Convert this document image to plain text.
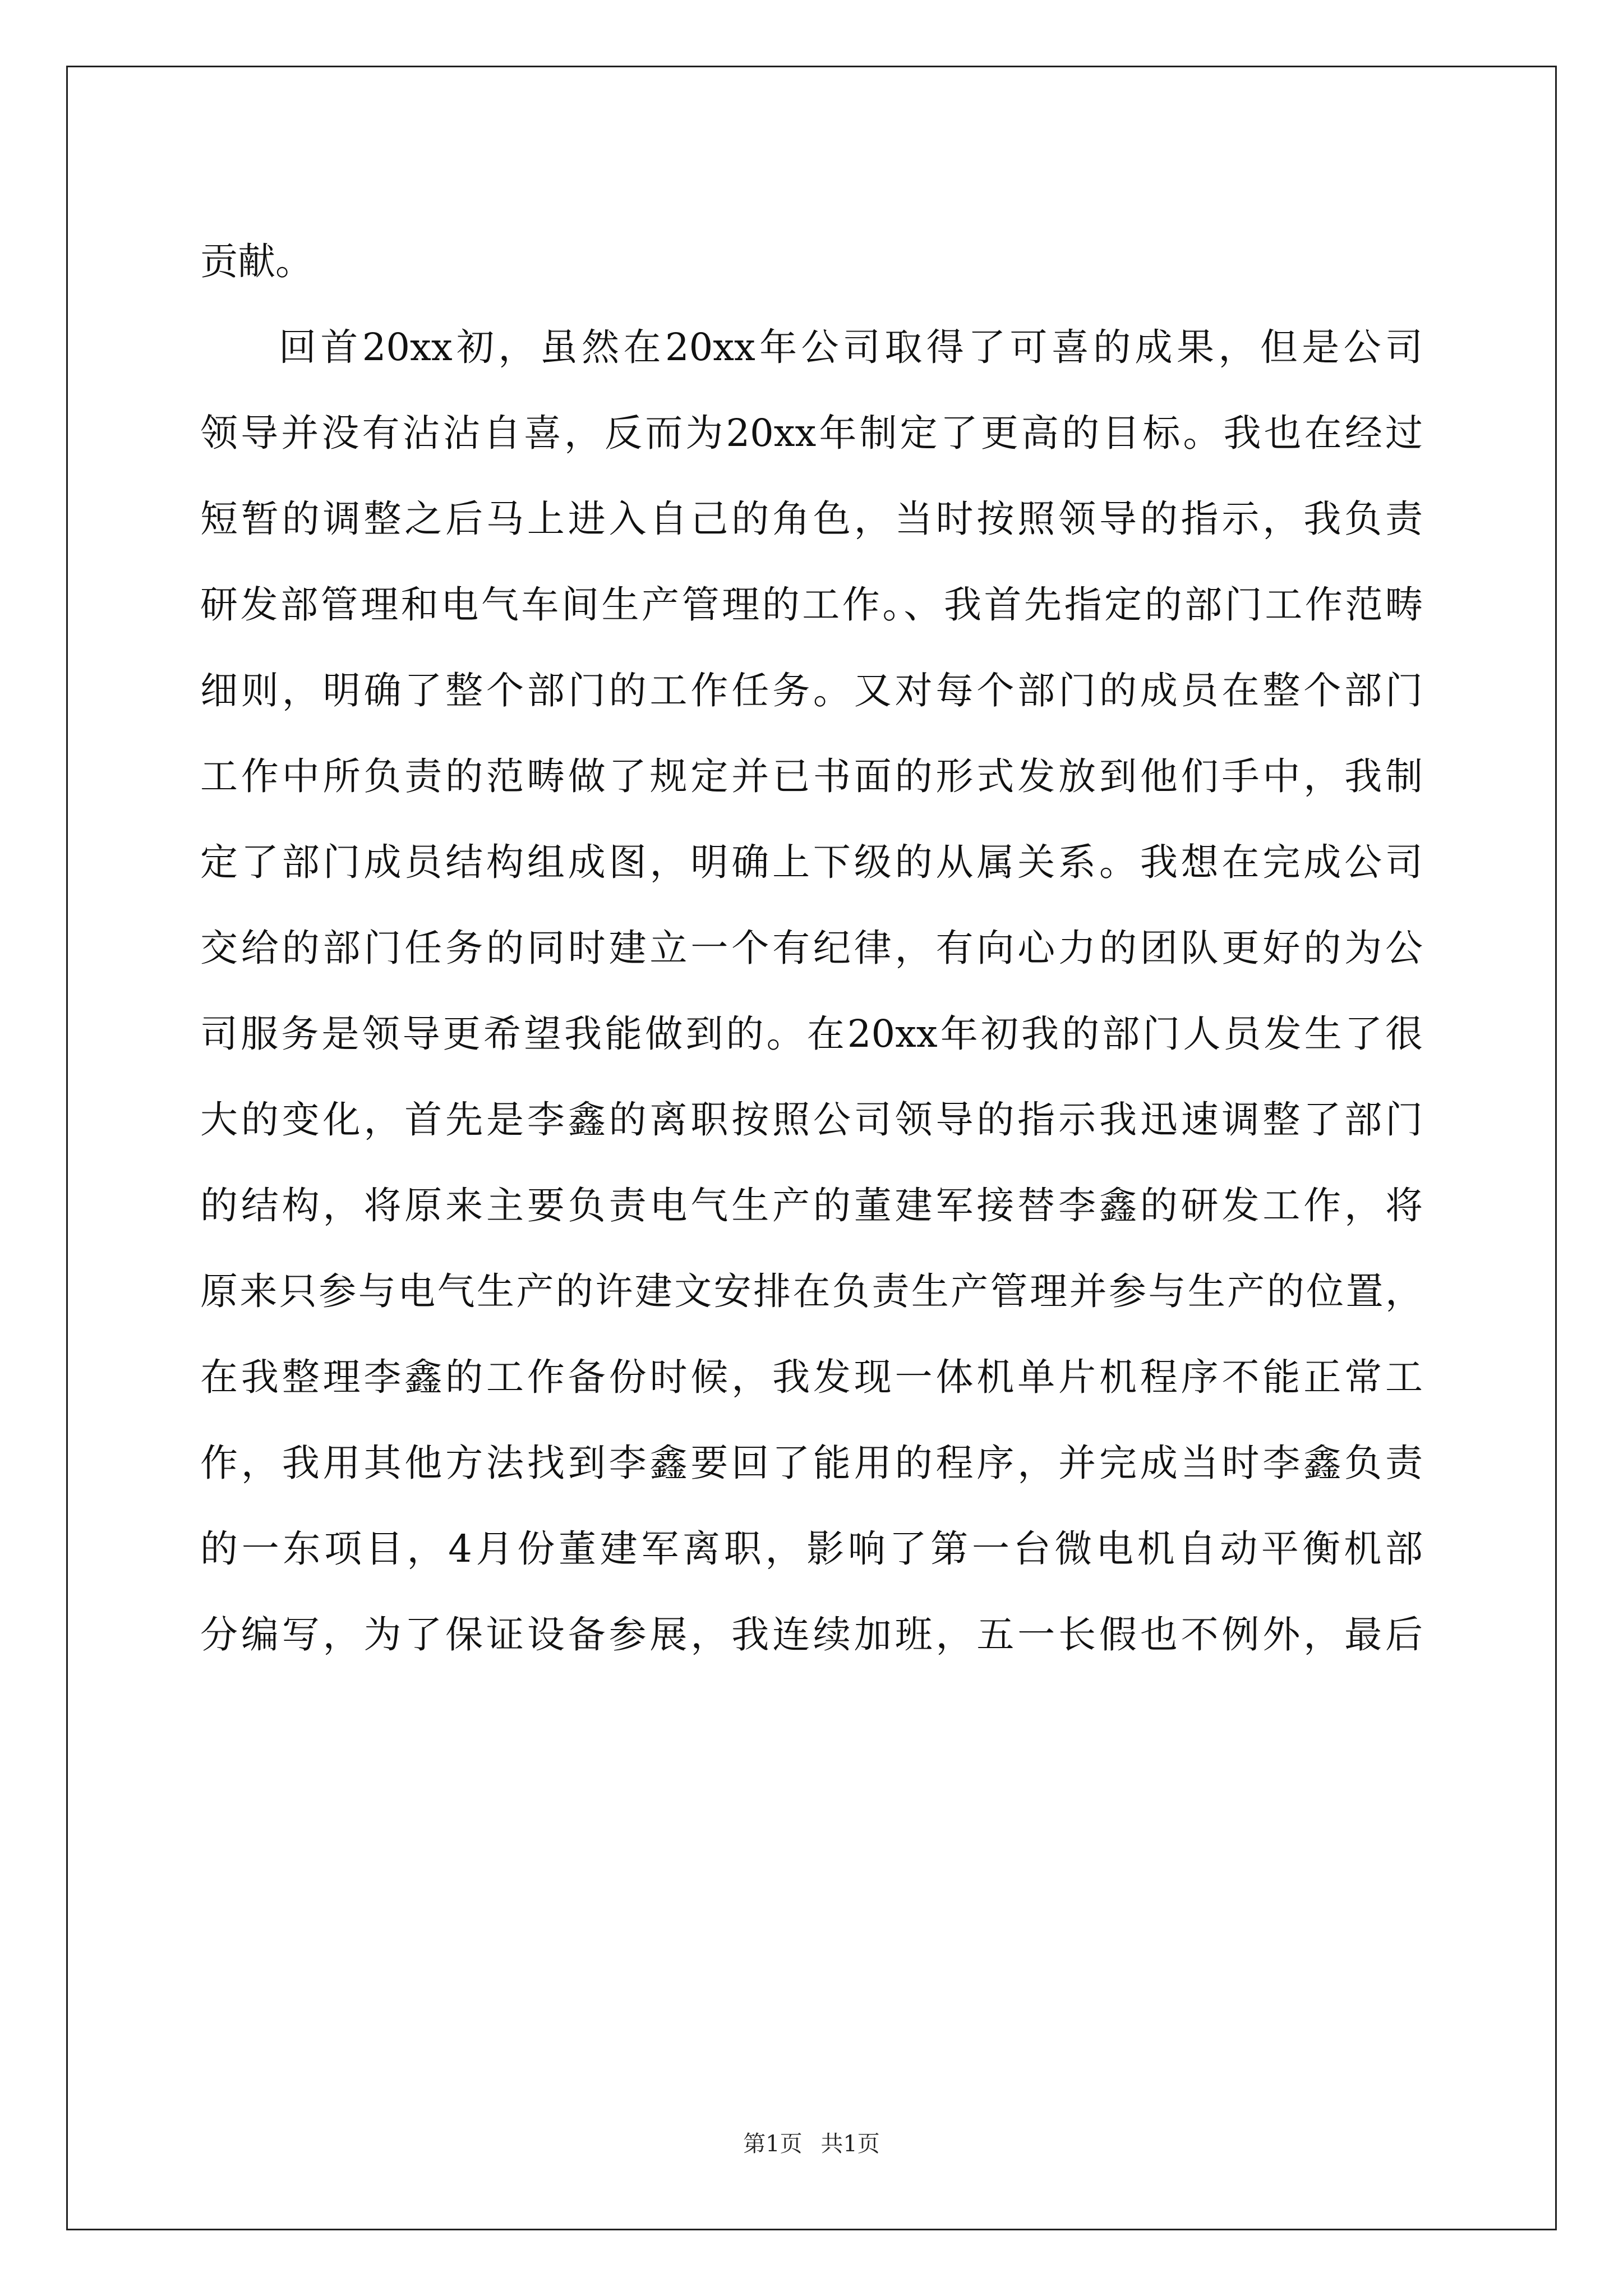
贡献。
回首20xx初，虽然在20xx年公司取得了可喜的成果，但是公司
领导并没有沾沾自喜，反而为20xx年制定了更高的目标。我也在经过
短暂的调整之后马上进入自己的角色，当时按照领导的指示，我负责
研发部管理和电气车间生产管理的工作。、我首先指定的部门工作范畴
细则，明确了整个部门的工作任务。又对每个部门的成员在整个部门
工作中所负责的范畴做了规定并已书面的形式发放到他们手中，我制
定了部门成员结构组成图，明确上下级的从属关系。我想在完成公司
交给的部门任务的同时建立一个有纪律，有向心力的团队更好的为公
司服务是领导更希望我能做到的。在20xx年初我的部门人员发生了很
大的变化，首先是李鑫的离职按照公司领导的指示我迅速调整了部门
的结构，将原来主要负责电气生产的董建军接替李鑫的研发工作，将
原来只参与电气生产的许建文安排在负责生产管理并参与生产的位置，
在我整理李鑫的工作备份时候，我发现一体机单片机程序不能正常工
作，我用其他方法找到李鑫要回了能用的程序，并完成当时李鑫负责
的一东项目，4月份董建军离职，影响了第一台微电机自动平衡机部
分编写，为了保证设备参展，我连续加班，五一长假也不例外，最后
第1页 共1页
